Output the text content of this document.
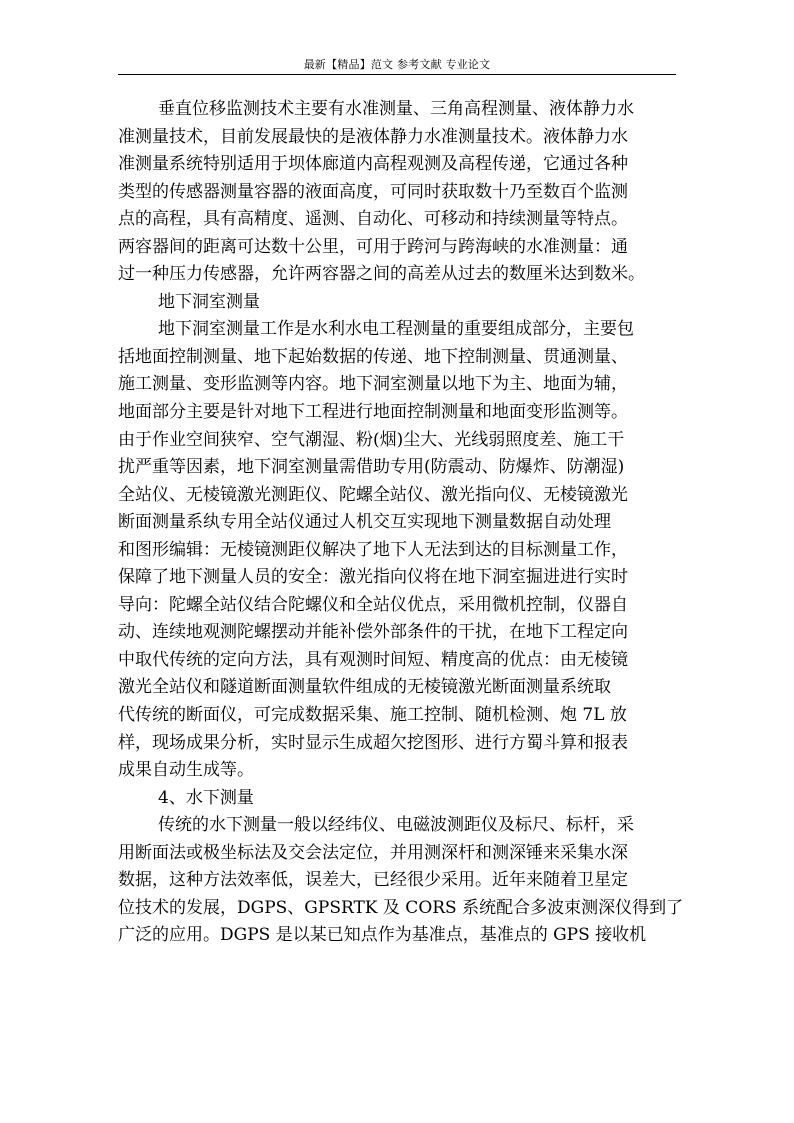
最新【精品】范文 参考文献 专业论文
垂直位移监测技术主要有水准测量、三角高程测量、液体静力水
准测量技术，目前发展最快的是液体静力水准测量技术。液体静力水
准测量系统特别适用于坝体廊道内高程观测及高程传递，它通过各种
类型的传感器测量容器的液面高度，可同时获取数十乃至数百个监测
点的高程，具有高精度、遥测、自动化、可移动和持续测量等特点。
两容器间的距离可达数十公里，可用于跨河与跨海峡的水准测量：通
过一种压力传感器，允许两容器之间的高差从过去的数厘米达到数米。
地下洞室测量
地下洞室测量工作是水利水电工程测量的重要组成部分，主要包
括地面控制测量、地下起始数据的传递、地下控制测量、贯通测量、
施工测量、变形监测等内容。地下洞室测量以地下为主、地面为辅，
地面部分主要是针对地下工程进行地面控制测量和地面变形监测等。
由于作业空间狭窄、空气潮湿、粉(烟)尘大、光线弱照度差、施工干
扰严重等因素，地下洞室测量需借助专用(防震动、防爆炸、防潮湿)
全站仪、无棱镜激光测距仪、陀螺全站仪、激光指向仪、无棱镜激光
断面测量系纨专用全站仪通过人机交互实现地下测量数据自动处理
和图形编辑：无棱镜测距仪解决了地下人无法到达的目标测量工作，
保障了地下测量人员的安全：激光指向仪将在地下洞室掘进进行实时
导向：陀螺全站仪结合陀螺仪和全站仪优点，采用微机控制，仪器自
动、连续地观测陀螺摆动并能补偿外部条件的干扰，在地下工程定向
中取代传统的定向方法，具有观测时间短、精度高的优点：由无棱镜
激光全站仪和隧道断面测量软件组成的无棱镜激光断面测量系统取
代传统的断面仪，可完成数据采集、施工控制、随机检测、炮 7L 放
样，现场成果分析，实时显示生成超欠挖图形、进行方蜀斗算和报表
成果自动生成等。
4、水下测量
传统的水下测量一般以经纬仪、电磁波测距仪及标尺、标杆，采
用断面法或极坐标法及交会法定位，并用测深杆和测深锤来采集水深
数据，这种方法效率低，误差大，已经很少采用。近年来随着卫星定
位技术的发展，DGPS、GPSRTK 及 CORS 系统配合多波束测深仪得到了
广泛的应用。DGPS 是以某已知点作为基准点，基准点的 GPS 接收机
